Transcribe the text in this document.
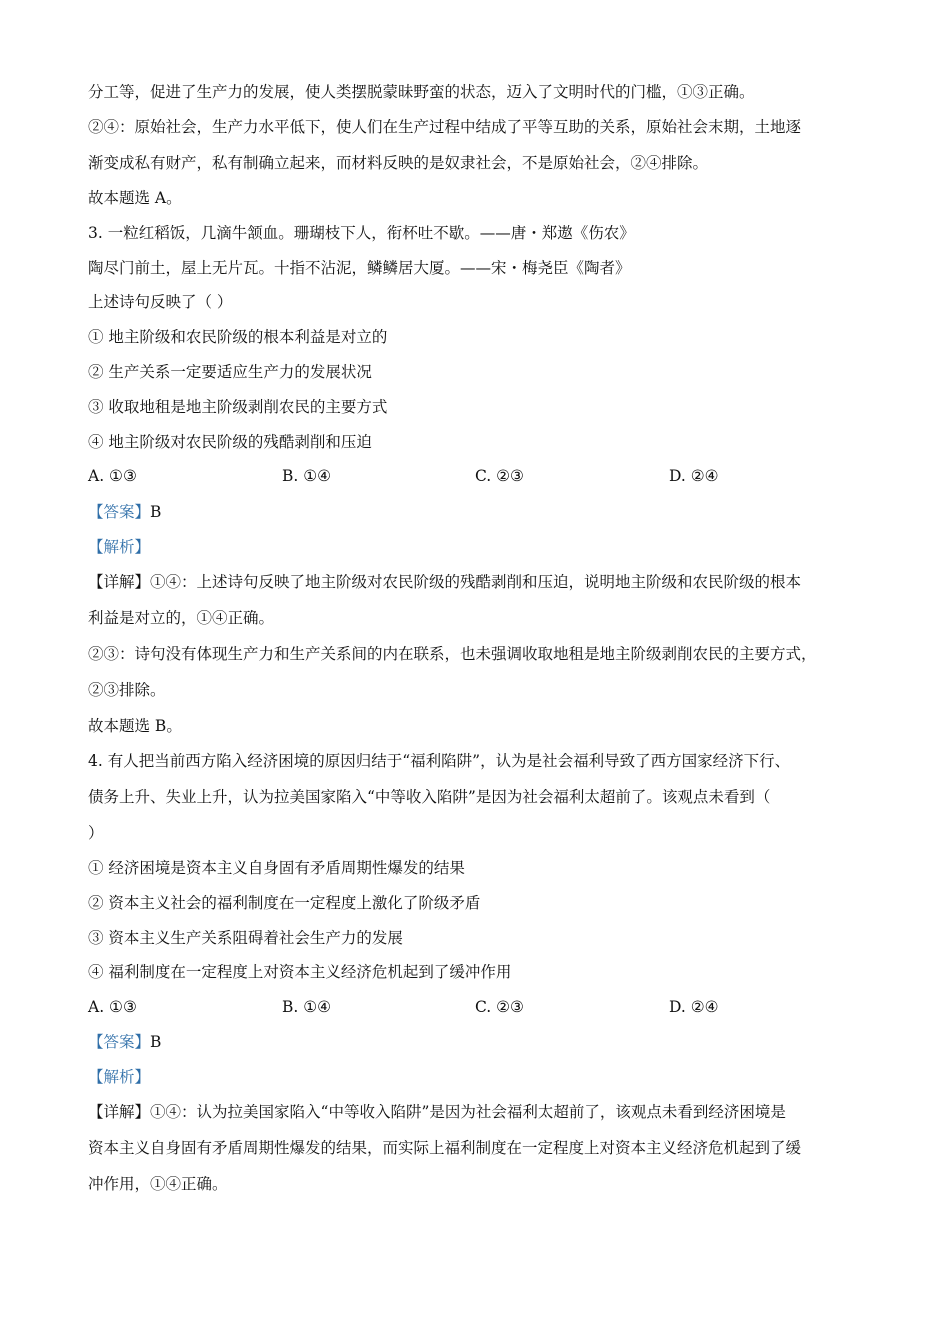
分工等，促进了生产力的发展，使人类摆脱蒙昧野蛮的状态，迈入了文明时代的门槛，①③正确。

②④：原始社会，生产力水平低下，使人们在生产过程中结成了平等互助的关系，原始社会末期，土地逐

渐变成私有财产，私有制确立起来，而材料反映的是奴隶社会，不是原始社会，②④排除。

故本题选 A。

3. 一粒红稻饭，几滴牛颔血。珊瑚枝下人，衔杯吐不歇。——唐・郑遨《伤农》

陶尽门前土，屋上无片瓦。十指不沾泥，鳞鳞居大厦。——宋・梅尧臣《陶者》

上述诗句反映了（ ）

① 地主阶级和农民阶级的根本利益是对立的

② 生产关系一定要适应生产力的发展状况

③ 收取地租是地主阶级剥削农民的主要方式

④ 地主阶级对农民阶级的残酷剥削和压迫

A. ①③	B. ①④	C. ②③	D. ②④

【答案】B

【解析】

【详解】①④：上述诗句反映了地主阶级对农民阶级的残酷剥削和压迫，说明地主阶级和农民阶级的根本

利益是对立的，①④正确。

②③：诗句没有体现生产力和生产关系间的内在联系，也未强调收取地租是地主阶级剥削农民的主要方式，

②③排除。

故本题选 B。

4. 有人把当前西方陷入经济困境的原因归结于“福利陷阱”，认为是社会福利导致了西方国家经济下行、

债务上升、失业上升，认为拉美国家陷入“中等收入陷阱”是因为社会福利太超前了。该观点未看到（

）

① 经济困境是资本主义自身固有矛盾周期性爆发的结果

② 资本主义社会的福利制度在一定程度上激化了阶级矛盾

③ 资本主义生产关系阻碍着社会生产力的发展

④ 福利制度在一定程度上对资本主义经济危机起到了缓冲作用

A. ①③	B. ①④	C. ②③	D. ②④

【答案】B

【解析】

【详解】①④：认为拉美国家陷入“中等收入陷阱”是因为社会福利太超前了，该观点未看到经济困境是

资本主义自身固有矛盾周期性爆发的结果，而实际上福利制度在一定程度上对资本主义经济危机起到了缓

冲作用，①④正确。
